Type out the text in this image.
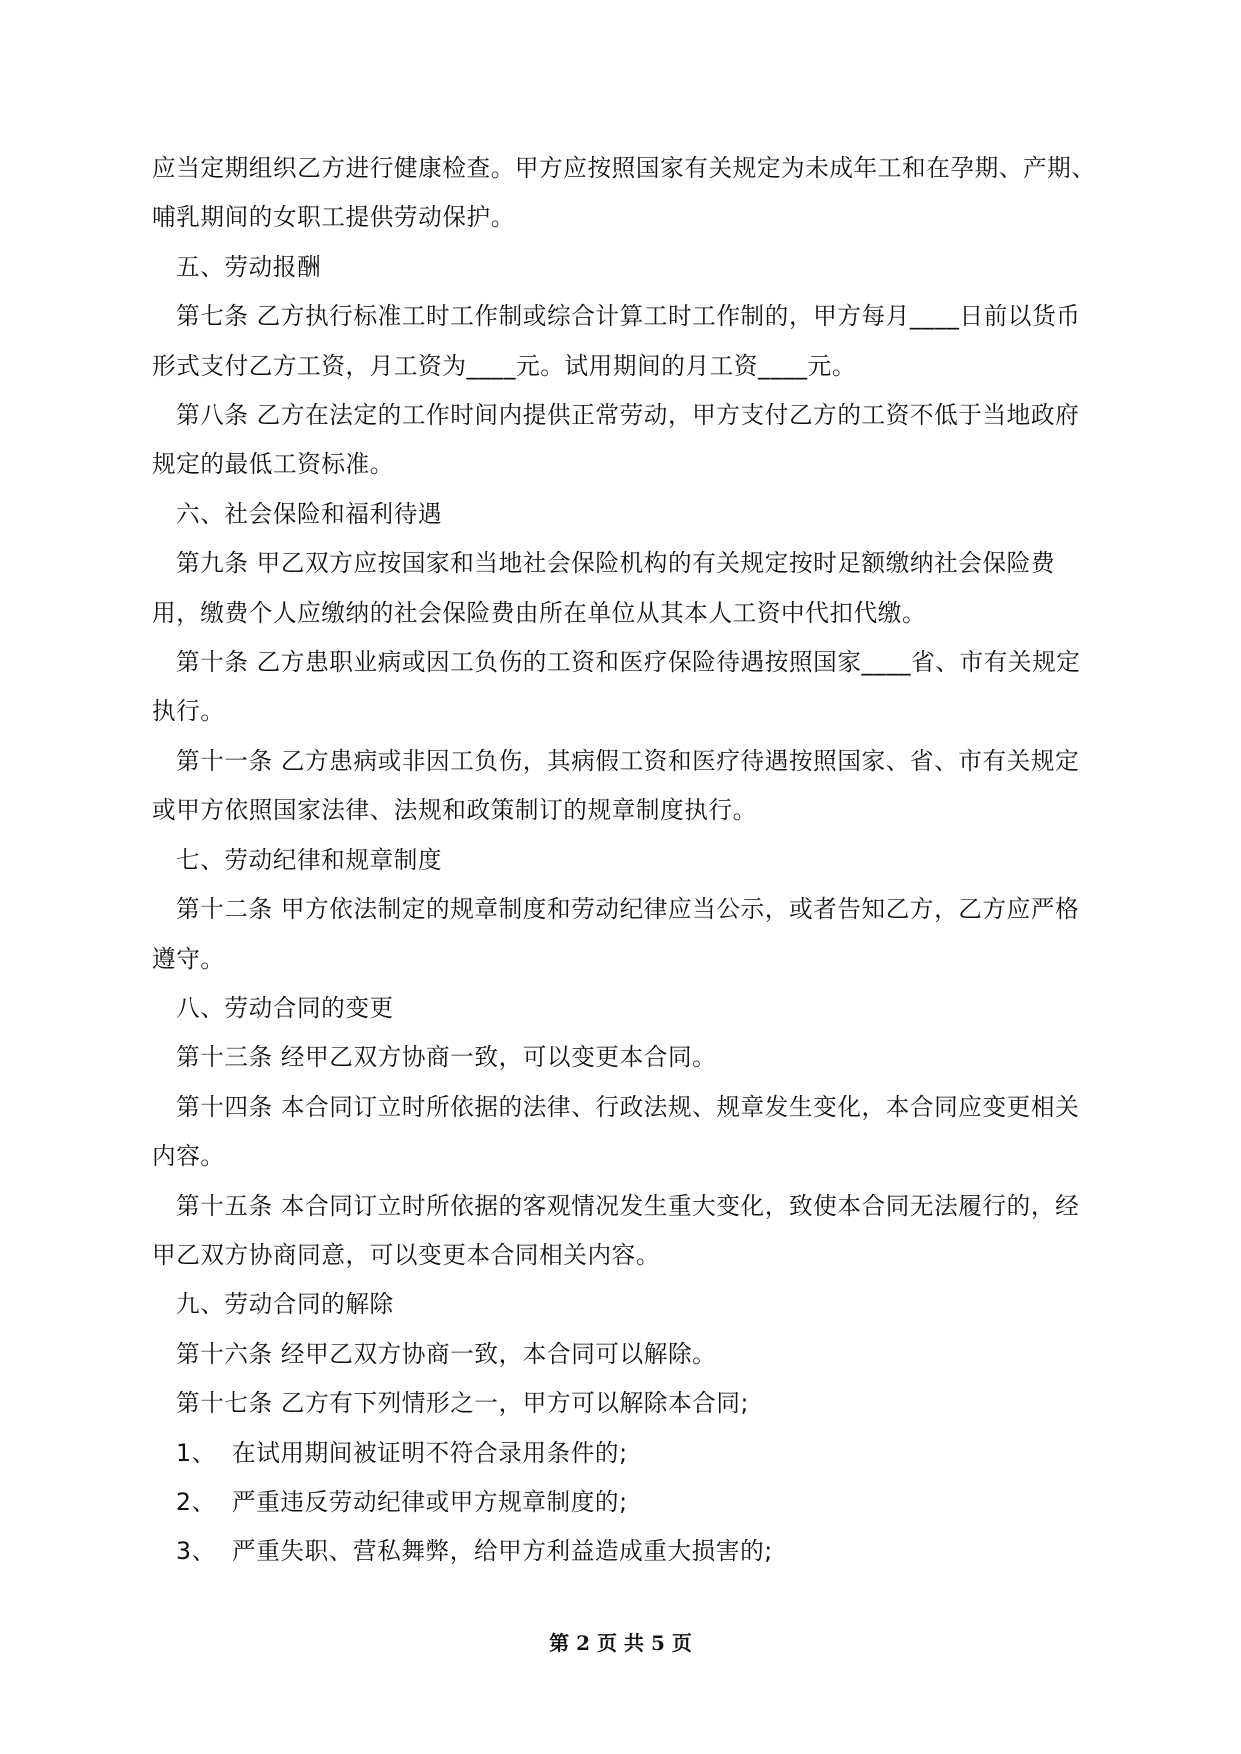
应当定期组织乙方进行健康检查。甲方应按照国家有关规定为未成年工和在孕期、产期、哺乳期间的女职工提供劳动保护。

五、劳动报酬

第七条 乙方执行标准工时工作制或综合计算工时工作制的，甲方每月____日前以货币形式支付乙方工资，月工资为____元。试用期间的月工资____元。

第八条 乙方在法定的工作时间内提供正常劳动，甲方支付乙方的工资不低于当地政府规定的最低工资标准。

六、社会保险和福利待遇

第九条 甲乙双方应按国家和当地社会保险机构的有关规定按时足额缴纳社会保险费用，缴费个人应缴纳的社会保险费由所在单位从其本人工资中代扣代缴。

第十条 乙方患职业病或因工负伤的工资和医疗保险待遇按照国家____省、市有关规定执行。

第十一条 乙方患病或非因工负伤，其病假工资和医疗待遇按照国家、省、市有关规定或甲方依照国家法律、法规和政策制订的规章制度执行。

七、劳动纪律和规章制度

第十二条 甲方依法制定的规章制度和劳动纪律应当公示，或者告知乙方，乙方应严格遵守。

八、劳动合同的变更

第十三条 经甲乙双方协商一致，可以变更本合同。

第十四条 本合同订立时所依据的法律、行政法规、规章发生变化，本合同应变更相关内容。

第十五条 本合同订立时所依据的客观情况发生重大变化，致使本合同无法履行的，经甲乙双方协商同意，可以变更本合同相关内容。

九、劳动合同的解除

第十六条 经甲乙双方协商一致，本合同可以解除。

第十七条 乙方有下列情形之一，甲方可以解除本合同;

1、  在试用期间被证明不符合录用条件的;

2、  严重违反劳动纪律或甲方规章制度的;

3、  严重失职、营私舞弊，给甲方利益造成重大损害的;

第 2 页 共 5 页
